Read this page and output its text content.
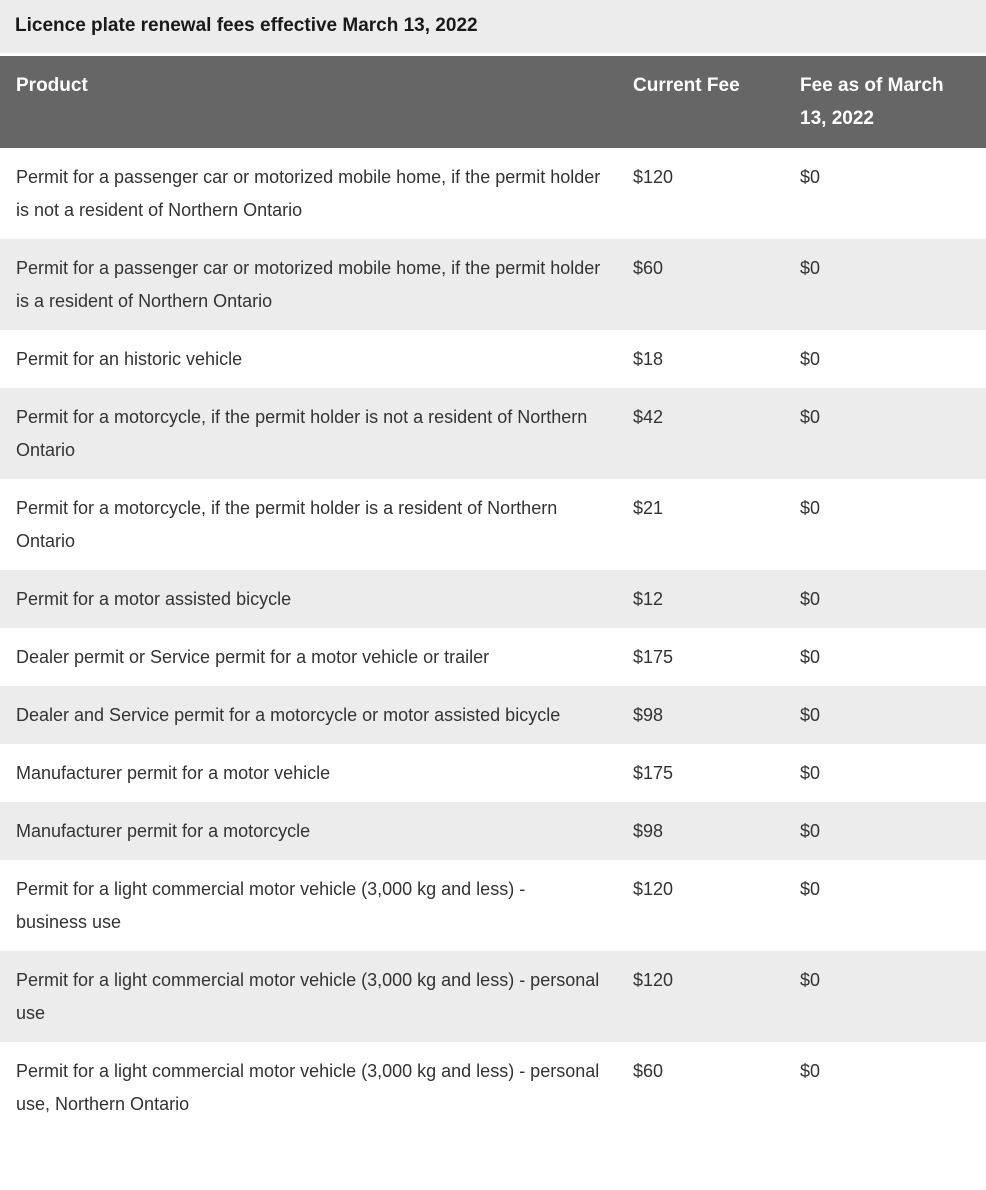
Licence plate renewal fees effective March 13, 2022
Product	Current Fee	Fee as of March 13, 2022
Permit for a passenger car or motorized mobile home, if the permit holder is not a resident of Northern Ontario	$120	$0
Permit for a passenger car or motorized mobile home, if the permit holder is a resident of Northern Ontario	$60	$0
Permit for an historic vehicle	$18	$0
Permit for a motorcycle, if the permit holder is not a resident of Northern Ontario	$42	$0
Permit for a motorcycle, if the permit holder is a resident of Northern Ontario	$21	$0
Permit for a motor assisted bicycle	$12	$0
Dealer permit or Service permit for a motor vehicle or trailer	$175	$0
Dealer and Service permit for a motorcycle or motor assisted bicycle	$98	$0
Manufacturer permit for a motor vehicle	$175	$0
Manufacturer permit for a motorcycle	$98	$0
Permit for a light commercial motor vehicle (3,000 kg and less) - business use	$120	$0
Permit for a light commercial motor vehicle (3,000 kg and less) - personal use	$120	$0
Permit for a light commercial motor vehicle (3,000 kg and less) - personal use, Northern Ontario	$60	$0
